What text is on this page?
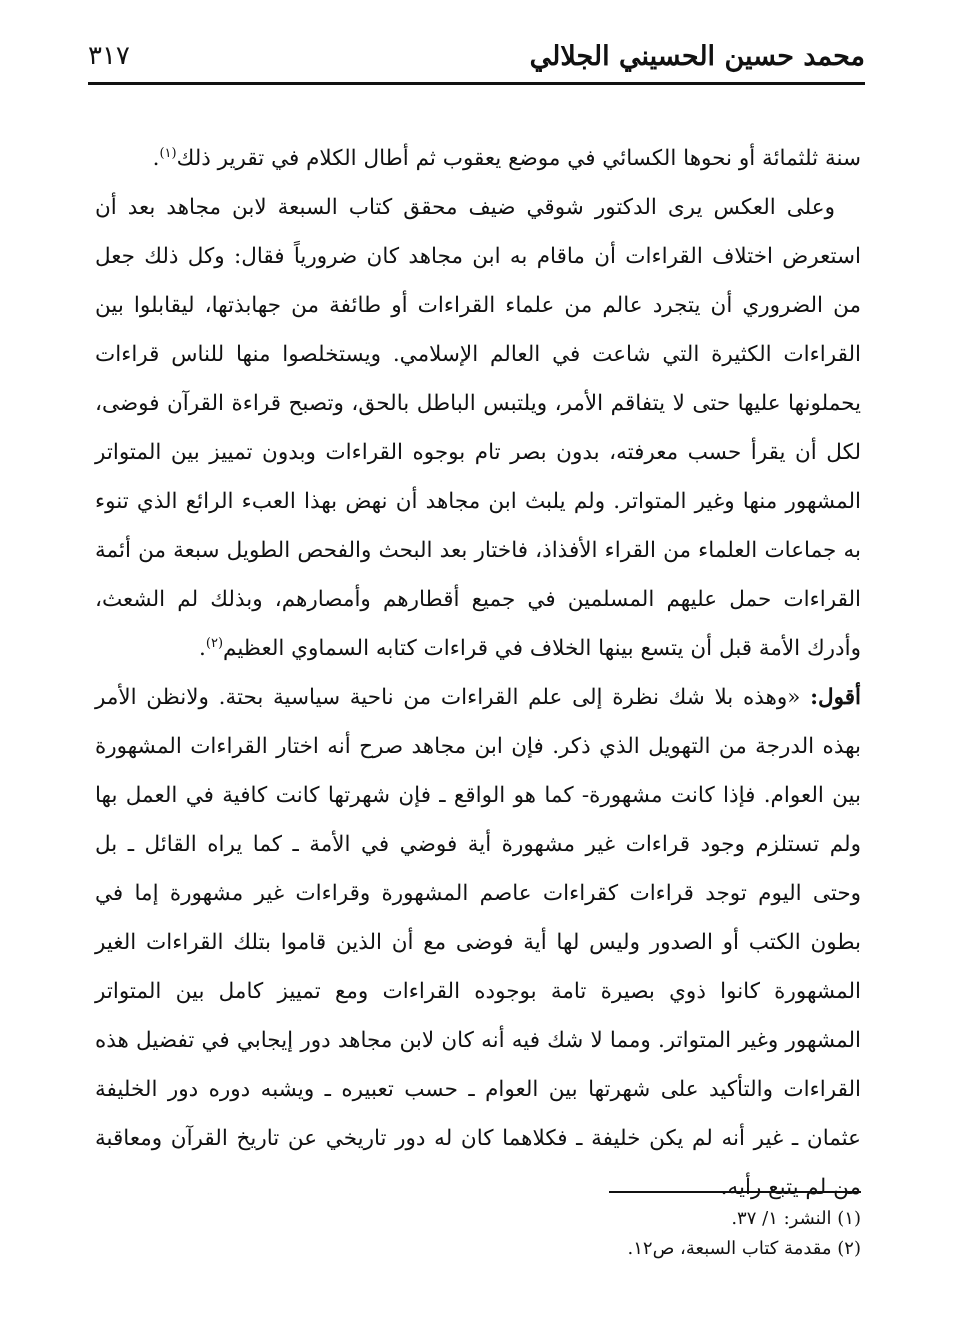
محمد حسين الحسيني الجلالي
٣١٧

سنة ثلثمائة أو نحوها الكسائي في موضع يعقوب ثم أطال الكلام في تقرير ذلك$^{(١)}$.

وعلى العكس يرى الدكتور شوقي ضيف محقق كتاب السبعة لابن مجاهد بعد أن استعرض اختلاف القراءات أن ماقام به ابن مجاهد كان ضرورياً فقال: وكل ذلك جعل من الضروري أن يتجرد عالم من علماء القراءات أو طائفة من جهابذتها، ليقابلوا بين القراءات الكثيرة التي شاعت في العالم الإسلامي. ويستخلصوا منها للناس قراءات يحملونها عليها حتى لا يتفاقم الأمر، ويلتبس الباطل بالحق، وتصبح قراءة القرآن فوضى، لكل أن يقرأ حسب معرفته، بدون بصر تام بوجوه القراءات وبدون تمييز بين المتواتر المشهور منها وغير المتواتر. ولم يلبث ابن مجاهد أن نهض بهذا العبء الرائع الذي تنوء به جماعات العلماء من القراء الأفذاذ، فاختار بعد البحث والفحص الطويل سبعة من أئمة القراءات حمل عليهم المسلمين في جميع أقطارهم وأمصارهم، وبذلك لم الشعث، وأدرك الأمة قبل أن يتسع بينها الخلاف في قراءات كتابه السماوي العظيم$^{(٢)}$.

أقول: «وهذه بلا شك نظرة إلى علم القراءات من ناحية سياسية بحتة. ولانظن الأمر بهذه الدرجة من التهويل الذي ذكر. فإن ابن مجاهد صرح أنه اختار القراءات المشهورة بين العوام. فإذا كانت مشهورة- كما هو الواقع ـ فإن شهرتها كانت كافية في العمل بها ولم تستلزم وجود قراءات غير مشهورة أية فوضي في الأمة ـ كما يراه القائل ـ بل وحتى اليوم توجد قراءات كقراءات عاصم المشهورة وقراءات غير مشهورة إما في بطون الكتب أو الصدور وليس لها أية فوضى مع أن الذين قاموا بتلك القراءات الغير المشهورة كانوا ذوي بصيرة تامة بوجوده القراءات ومع تمييز كامل بين المتواتر المشهور وغير المتواتر. ومما لا شك فيه أنه كان لابن مجاهد دور إيجابي في تفضيل هذه القراءات والتأكيد على شهرتها بين العوام ـ حسب تعبيره ـ ويشبه دوره دور الخليفة عثمان ـ غير أنه لم يكن خليفة ـ فكلاهما كان له دور تاريخي عن تاريخ القرآن ومعاقبة من لم يتبع رأيه.

(١) النشر: ١/ ٣٧.
(٢) مقدمة كتاب السبعة، ص١٢.
